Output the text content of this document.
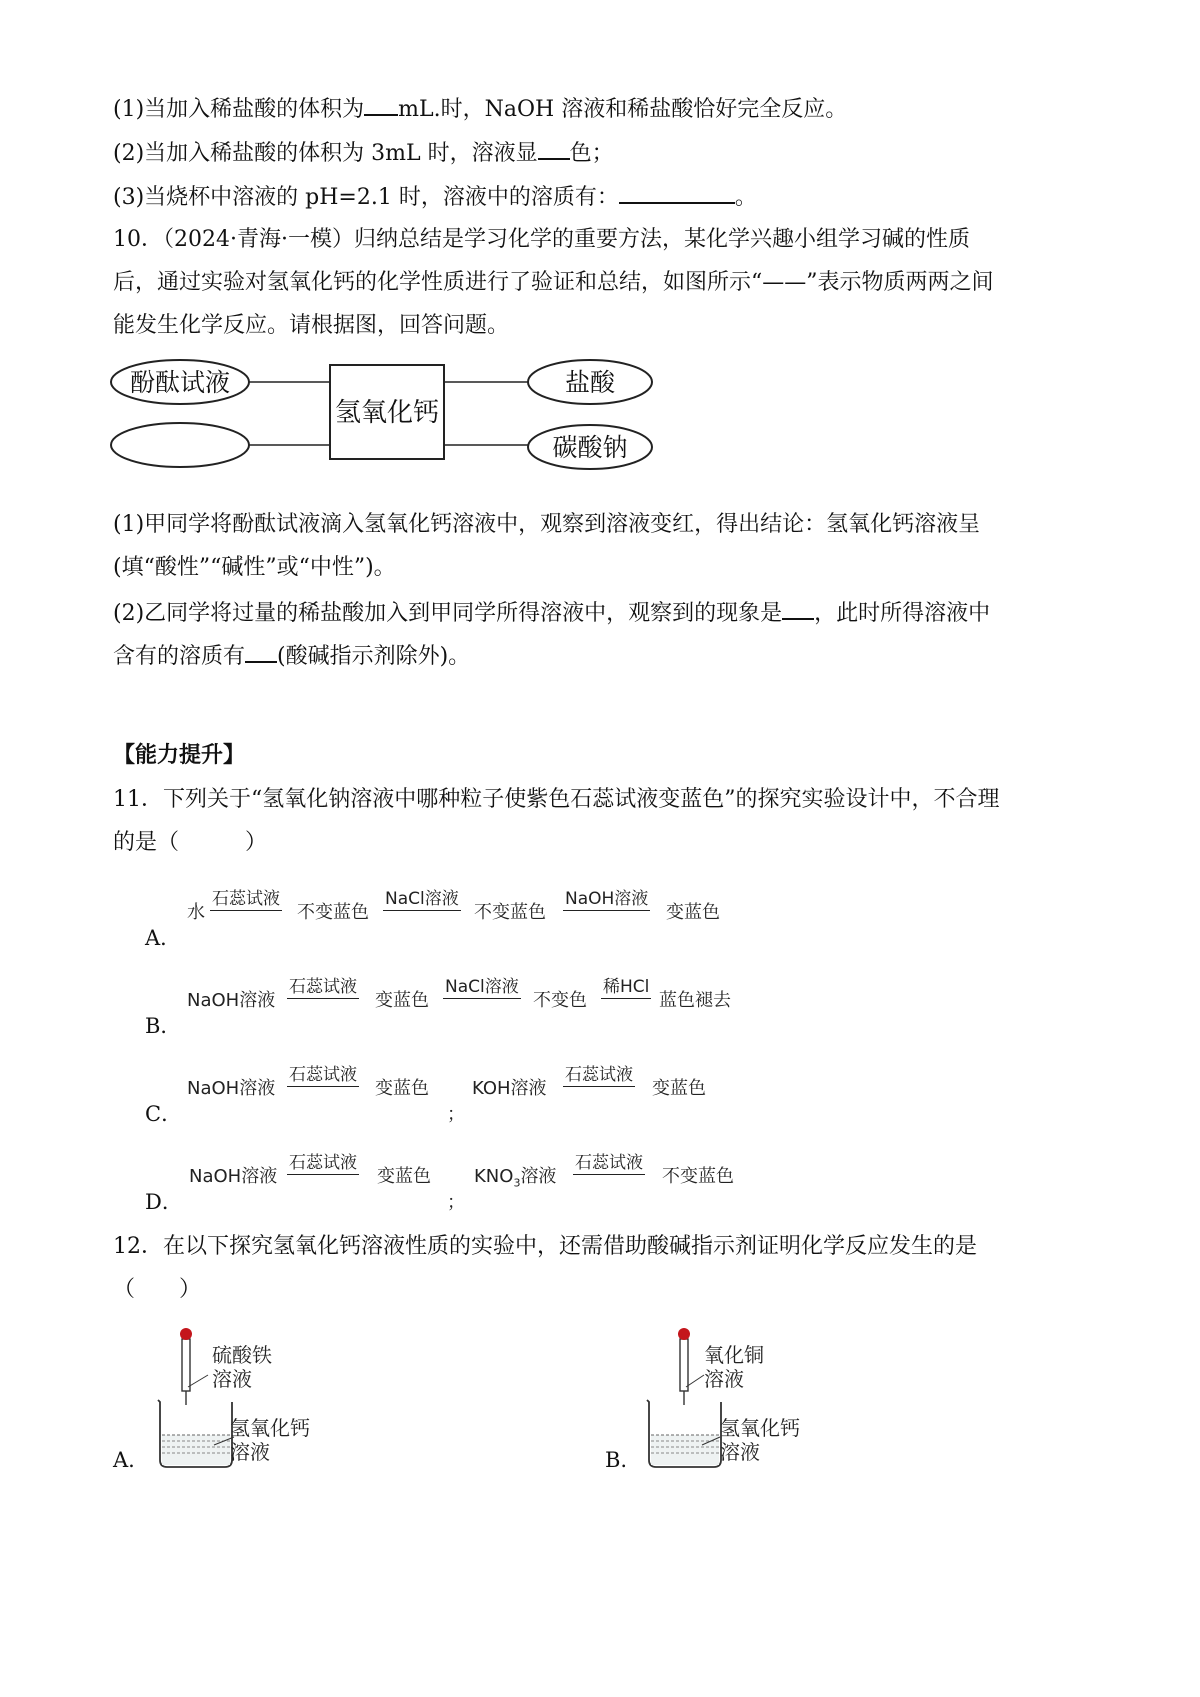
(1)当加入稀盐酸的体积为 mL.时，NaOH 溶液和稀盐酸恰好完全反应。
(2)当加入稀盐酸的体积为 3mL 时，溶液显 色；
(3)当烧杯中溶液的 pH=2.1 时，溶液中的溶质有：	。
10．（2024·青海·一模）归纳总结是学习化学的重要方法，某化学兴趣小组学习碱的性质
后，通过实验对氢氧化钙的化学性质进行了验证和总结，如图所示“——”表示物质两两之间
能发生化学反应。请根据图，回答问题。
酚酞试液
氢氧化钙
盐酸
碳酸钠
(1)甲同学将酚酞试液滴入氢氧化钙溶液中，观察到溶液变红，得出结论：氢氧化钙溶液呈
(填“酸性”“碱性”或“中性”)。
(2)乙同学将过量的稀盐酸加入到甲同学所得溶液中，观察到的现象是 ，此时所得溶液中
含有的溶质有 (酸碱指示剂除外)。
【能力提升】
11．下列关于“氢氧化钠溶液中哪种粒子使紫色石蕊试液变蓝色”的探究实验设计中，不合理
的是（　　　）
A．
水
石蕊试液
不变蓝色
NaCl溶液
不变蓝色
NaOH溶液
变蓝色
B．
NaOH溶液
石蕊试液
变蓝色
NaCl溶液
不变色
稀HCl
蓝色褪去
C．
NaOH溶液
石蕊试液
变蓝色 KOH溶液
石蕊试液
变蓝色
；
D．
NaOH溶液
石蕊试液
变蓝色 $KNO_3$溶液
石蕊试液
不变蓝色
；
12．在以下探究氢氧化钙溶液性质的实验中，还需借助酸碱指示剂证明化学反应发生的是
（　　）
A.
硫酸铁
溶液
氢氧化钙
溶液	B.
氧化铜
溶液
氢氧化钙
溶液
